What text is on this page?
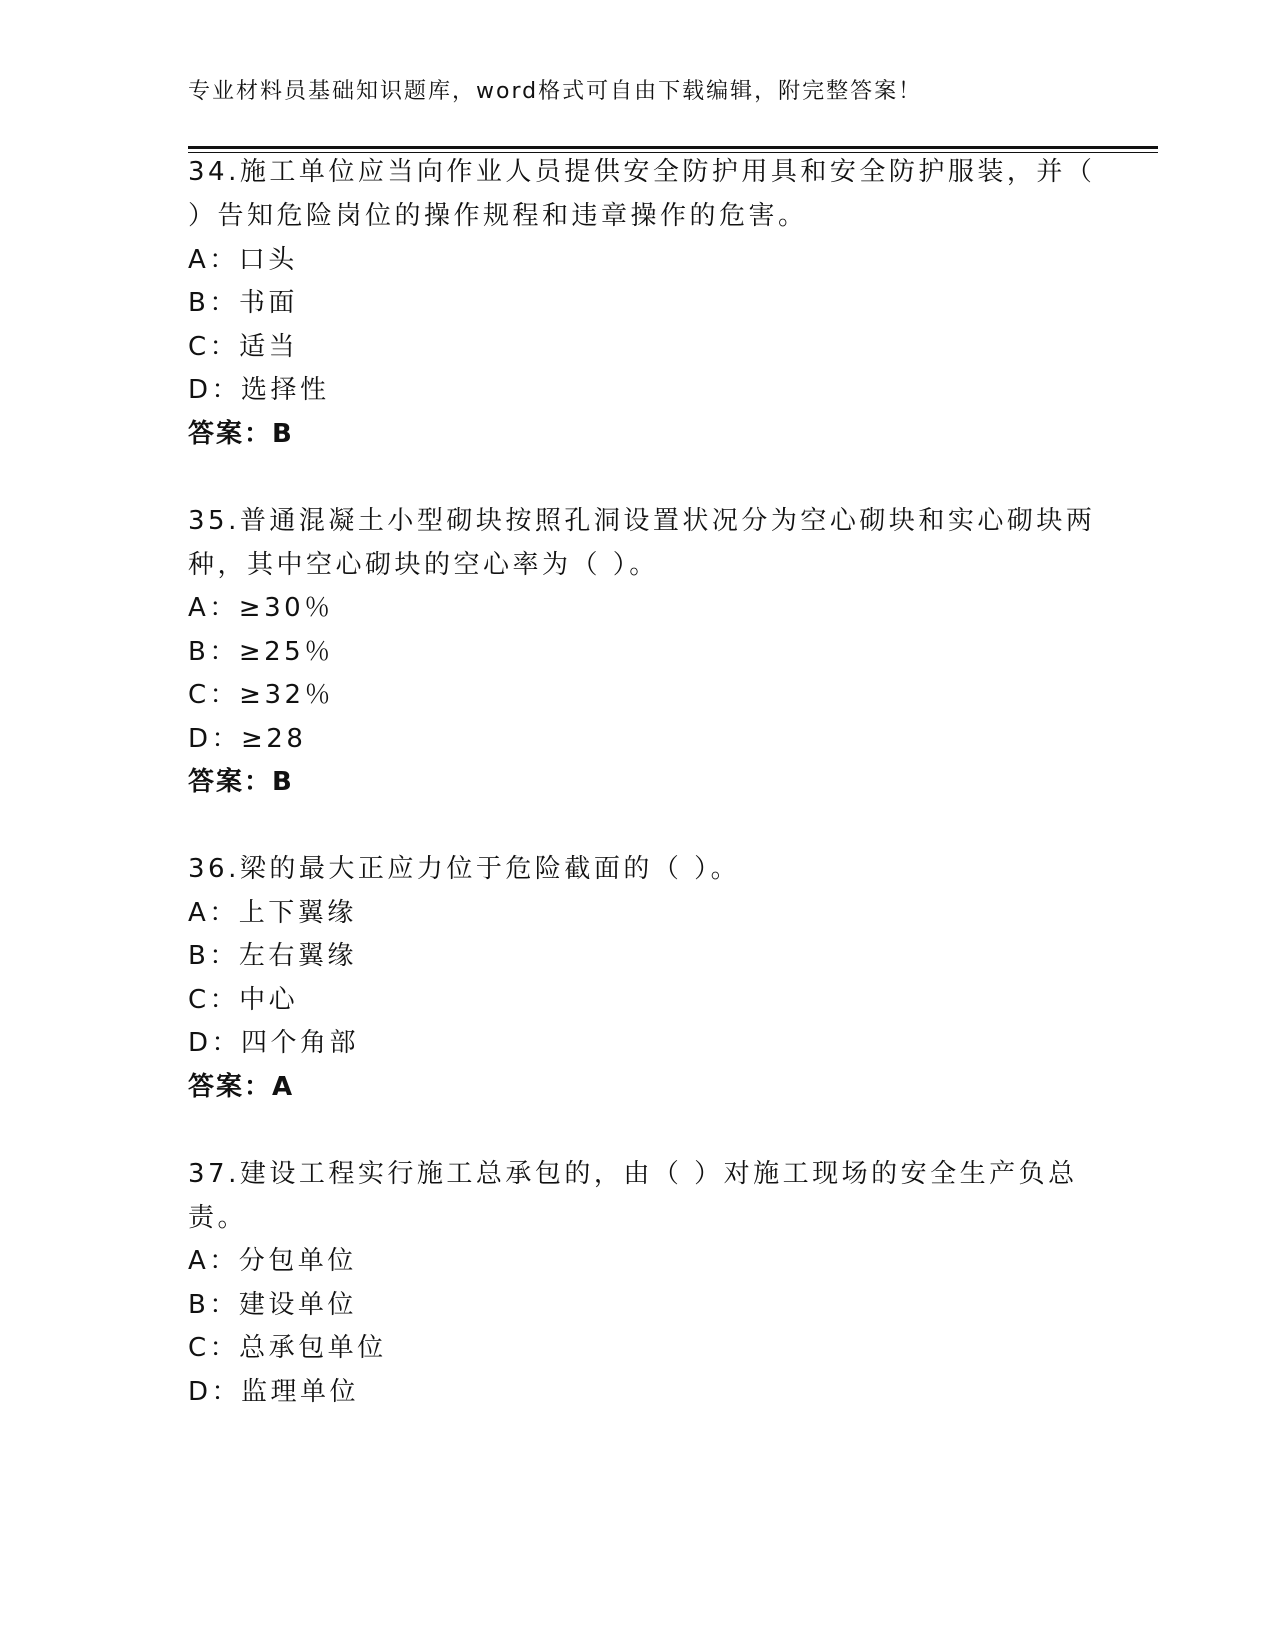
专业材料员基础知识题库，word格式可自由下载编辑，附完整答案！
34.施工单位应当向作业人员提供安全防护用具和安全防护服装，并（
）告知危险岗位的操作规程和违章操作的危害。
A：口头
B：书面
C：适当
D：选择性
答案：B
35.普通混凝土小型砌块按照孔洞设置状况分为空心砌块和实心砌块两
种，其中空心砌块的空心率为（ ）。
A：≥30％
B：≥25％
C：≥32％
D：≥28
答案：B
36.梁的最大正应力位于危险截面的（ ）。
A：上下翼缘
B：左右翼缘
C：中心
D：四个角部
答案：A
37.建设工程实行施工总承包的，由（ ）对施工现场的安全生产负总
责。
A：分包单位
B：建设单位
C：总承包单位
D：监理单位
